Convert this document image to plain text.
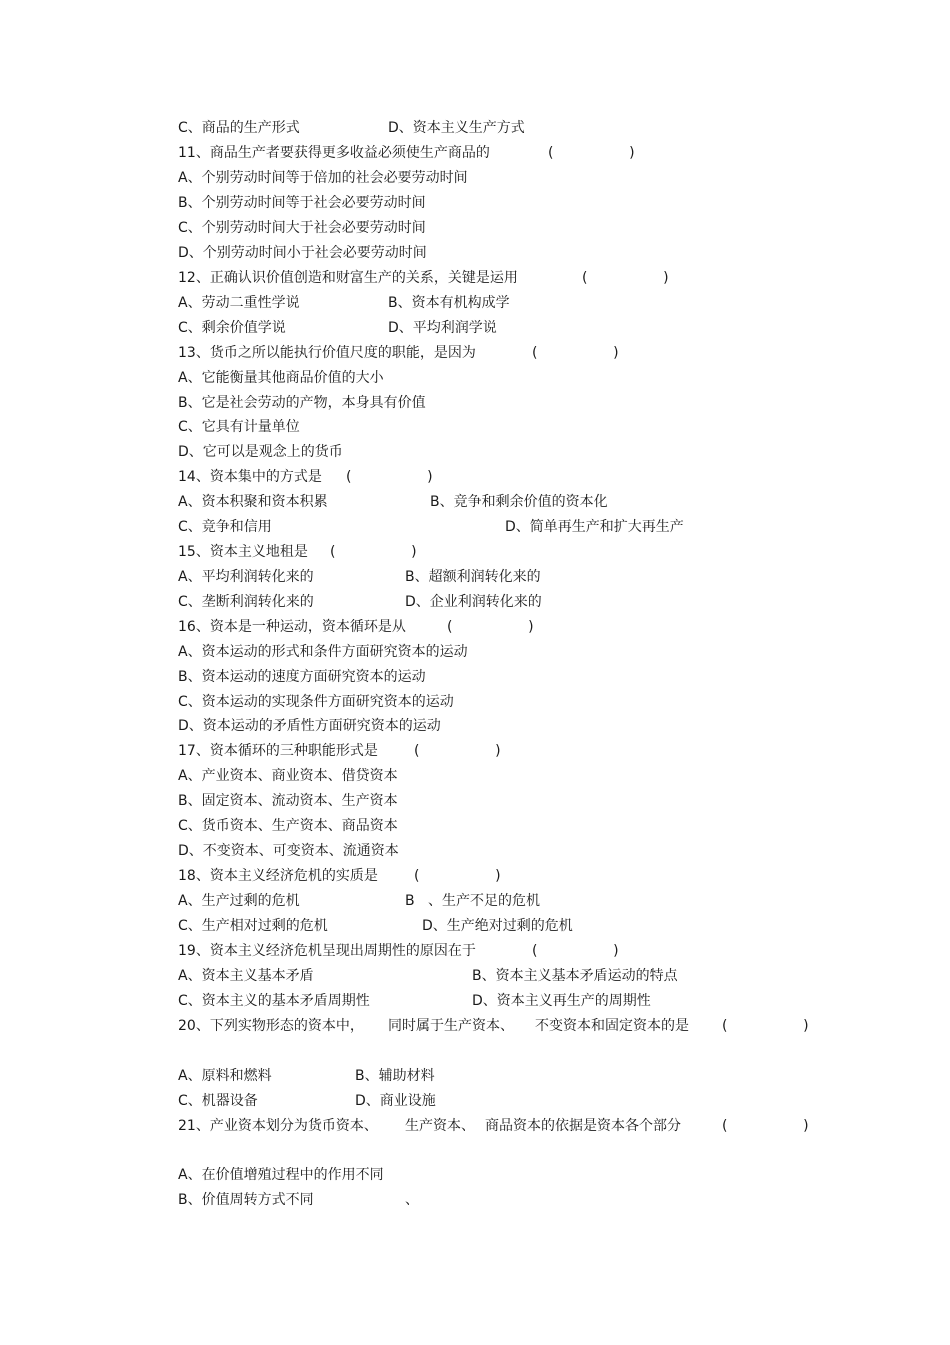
C、商品的生产形式	D、资本主义生产方式
11、商品生产者要获得更多收益必须使生产商品的	(                 )
A、个别劳动时间等于倍加的社会必要劳动时间
B、个别劳动时间等于社会必要劳动时间
C、个别劳动时间大于社会必要劳动时间
D、个别劳动时间小于社会必要劳动时间
12、正确认识价值创造和财富生产的关系，关键是运用	(                 )
A、劳动二重性学说	B、资本有机构成学
C、剩余价值学说	D、平均利润学说
13、货币之所以能执行价值尺度的职能，是因为	(                 )
A、它能衡量其他商品价值的大小
B、它是社会劳动的产物，本身具有价值
C、它具有计量单位
D、它可以是观念上的货币
14、资本集中的方式是 (                 )
A、资本积聚和资本积累	B、竞争和剩余价值的资本化
C、竞争和信用	D、简单再生产和扩大再生产
15、资本主义地租是 (                 )
A、平均利润转化来的	B、超额利润转化来的
C、垄断利润转化来的	D、企业利润转化来的
16、资本是一种运动，资本循环是从	(                 )
A、资本运动的形式和条件方面研究资本的运动
B、资本运动的速度方面研究资本的运动
C、资本运动的实现条件方面研究资本的运动
D、资本运动的矛盾性方面研究资本的运动
17、资本循环的三种职能形式是	(                 )
A、产业资本、商业资本、借贷资本
B、固定资本、流动资本、生产资本
C、货币资本、生产资本、商品资本
D、不变资本、可变资本、流通资本
18、资本主义经济危机的实质是	(                 )
A、生产过剩的危机	B 、生产不足的危机
C、生产相对过剩的危机	D、生产绝对过剩的危机
19、资本主义经济危机呈现出周期性的原因在于	(                 )
A、资本主义基本矛盾	B、资本主义基本矛盾运动的特点
C、资本主义的基本矛盾周期性	D、资本主义再生产的周期性
20、下列实物形态的资本中， 同时属于生产资本、 不变资本和固定资本的是 (                 )
A、原料和燃料	B、辅助材料
C、机器设备	D、商业设施
21、产业资本划分为货币资本、 生产资本、 商品资本的依据是资本各个部分	(                 )
A、在价值增殖过程中的作用不同
B、价值周转方式不同	、
